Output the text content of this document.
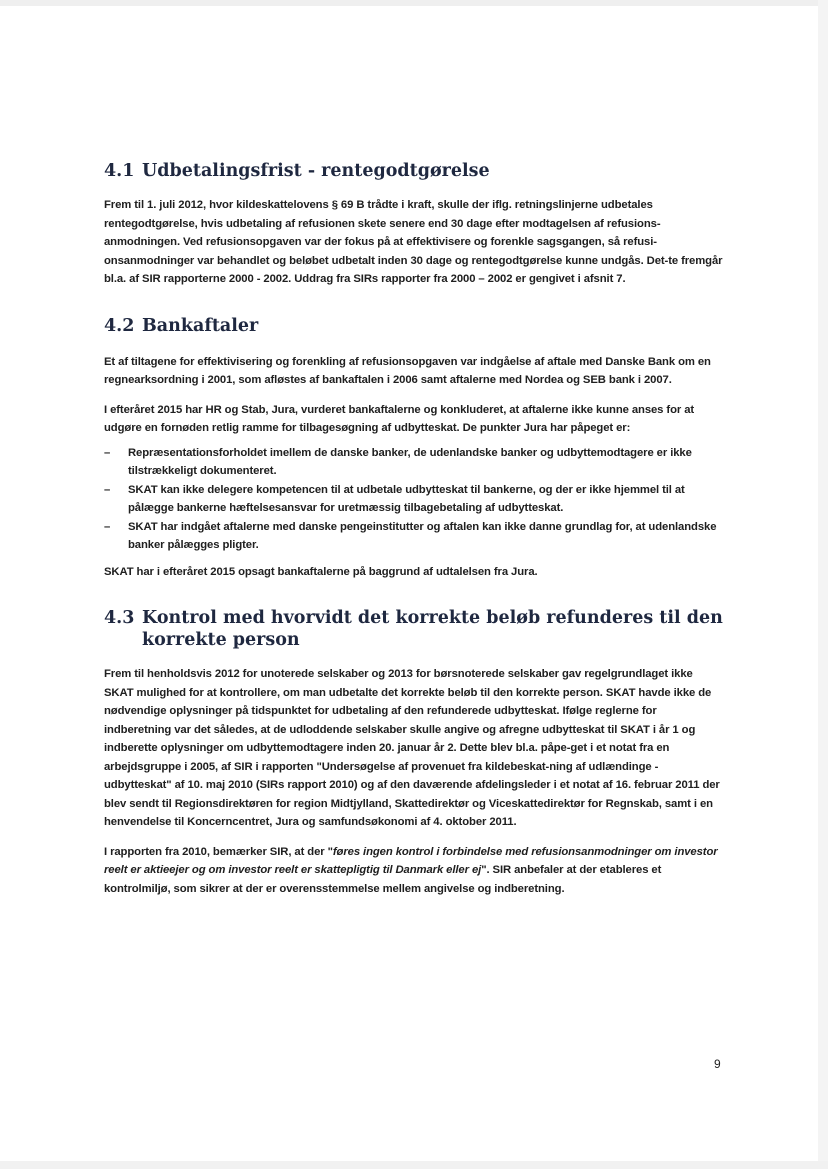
4.1 Udbetalingsfrist - rentegodtgørelse

Frem til 1. juli 2012, hvor kildeskattelovens § 69 B trådte i kraft, skulle der iflg. retningslinjerne udbetales rentegodtgørelse, hvis udbetaling af refusionen skete senere end 30 dage efter modtagelsen af refusions-anmodningen. Ved refusionsopgaven var der fokus på at effektivisere og forenkle sagsgangen, så refusi-onsanmodninger var behandlet og beløbet udbetalt inden 30 dage og rentegodtgørelse kunne undgås. Det-te fremgår bl.a. af SIR rapporterne 2000 - 2002. Uddrag fra SIRs rapporter fra 2000 – 2002 er gengivet i afsnit 7.

4.2 Bankaftaler

Et af tiltagene for effektivisering og forenkling af refusionsopgaven var indgåelse af aftale med Danske Bank om en regnearksordning i 2001, som afløstes af bankaftalen i 2006 samt aftalerne med Nordea og SEB bank i 2007.

I efteråret 2015 har HR og Stab, Jura, vurderet bankaftalerne og konkluderet, at aftalerne ikke kunne anses for at udgøre en fornøden retlig ramme for tilbagesøgning af udbytteskat. De punkter Jura har påpeget er:

– Repræsentationsforholdet imellem de danske banker, de udenlandske banker og udbyttemodtagere er ikke tilstrækkeligt dokumenteret.
– SKAT kan ikke delegere kompetencen til at udbetale udbytteskat til bankerne, og der er ikke hjemmel til at pålægge bankerne hæftelsesansvar for uretmæssig tilbagebetaling af udbytteskat.
– SKAT har indgået aftalerne med danske pengeinstitutter og aftalen kan ikke danne grundlag for, at udenlandske banker pålægges pligter.

SKAT har i efteråret 2015 opsagt bankaftalerne på baggrund af udtalelsen fra Jura.

4.3 Kontrol med hvorvidt det korrekte beløb refunderes til den korrekte person

Frem til henholdsvis 2012 for unoterede selskaber og 2013 for børsnoterede selskaber gav regelgrundlaget ikke SKAT mulighed for at kontrollere, om man udbetalte det korrekte beløb til den korrekte person. SKAT havde ikke de nødvendige oplysninger på tidspunktet for udbetaling af den refunderede udbytteskat. Ifølge reglerne for indberetning var det således, at de udloddende selskaber skulle angive og afregne udbytteskat til SKAT i år 1 og indberette oplysninger om udbyttemodtagere inden 20. januar år 2. Dette blev bl.a. påpe-get i et notat fra en arbejdsgruppe i 2005, af SIR i rapporten "Undersøgelse af provenuet fra kildebeskat-ning af udlændinge - udbytteskat" af 10. maj 2010 (SIRs rapport 2010) og af den daværende afdelingsleder i et notat af 16. februar 2011 der blev sendt til Regionsdirektøren for region Midtjylland, Skattedirektør og Viceskattedirektør for Regnskab, samt i en henvendelse til Koncerncentret, Jura og samfundsøkonomi af 4. oktober 2011.

I rapporten fra 2010, bemærker SIR, at der "føres ingen kontrol i forbindelse med refusionsanmodninger om investor reelt er aktieejer og om investor reelt er skattepligtig til Danmark eller ej". SIR anbefaler at der etableres et kontrolmiljø, som sikrer at der er overensstemmelse mellem angivelse og indberetning.

9
